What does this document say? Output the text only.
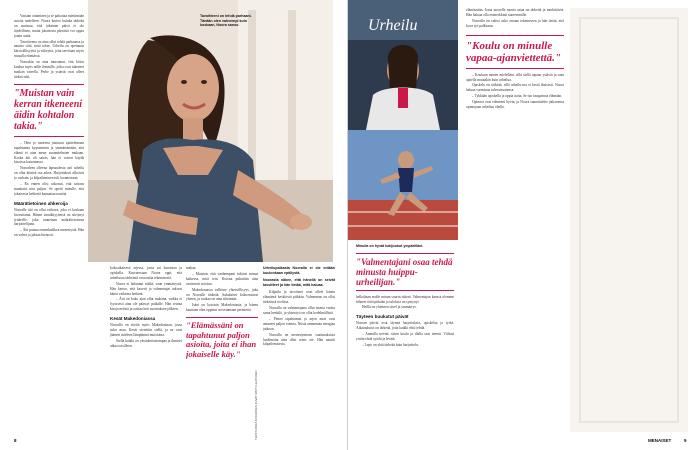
Vastaan ottaminen ja se pakottaa miettimään asioita uudelleen. Noora kertoo kuinka tärkeää on muistaa, että jokainen päivä ei ole täydellinen, mutta jokaisesta päivästä voi oppia jotain uutta.

Tavoitteena on aina ollut tehdä parhaansa ja nauttia siitä, mitä tekee. Urheilu on opettanut kärsivällisyyttä ja sitkeyttä, joita tarvitaan myös muualla elämässä.

Noorakin on aina muistanut, että kiitos kuuluu myös niille ihmisille, jotka ovat tukeneet matkan varrella. Perhe ja ystävät ovat olleet tärkeä tuki.

"Muistan vain kerran itkeneeni äidin kohtalon takia."

– Olen jo nuorena joutunut ajattelemaan tapahtumia kypsemmin ja ymmärtämään, että elämä ei aina mene suunnitelmien mukaan. Koska äiti oli sairas, hän ei voinut käydä kisoissa katsomassa.

Nooraleen olleena lapsuudesta asti urheilu on ollut kiinteä osa arkea. Harjoitukset alkoivat jo varhain, ja kilpaileminen tuli luonnostaan.

– En ennen olisi uskonut, että sairaus muuttaisi niin paljon. Se opetti minulle, että jokaisesta hetkestä kannattaa nauttia.

Määrätietoinen ahkeroija

Nooralle äiti on ollut esikuva, joka ei koskaan luovuttanut. Hänen sinnikkyytensä on siirtynyt tyttärelle, joka tunnetaan määrätietoisena harjoittelijana.

– Äiti painaa ennenkaikkea menestystä. Hän on vahva ja jaksaa hienosti.

Tavoitteeni on tehdä parhaani. Tänään olen vahvempi kuin koskaan, Noora sanoo.

kokoaikaisesti arjessa, jossa sai harrastaa ja opiskella. Kasvaessaan Noora oppi, että urheilussa tärkeintä on nauttia tekemisestä.

Noora ei halunnut sääliä, vaan ymmärrystä. Hän kertoo, että kaverit ja valmentajat tukivat häntä vaikeina hetkinä.

– Äiti on koko ajan ollut mukana, vaikka ei fyysisesti aina ole päässyt paikalle. Hän seuraa kisoja netistä ja soittaa heti suorituksen jälkeen.

Kesät Makedoniassa

Nooralla on siteitä myös Makedoniaan, jossa suku asuu. Kesät vietettiin siellä, ja ne ovat jääneet mieleen lämpiminä muistoina.

Siellä kaikki on yksinkertaisempaa ja ihmiset aikaa toisilleen.

makaa.

– Muistan, että vanhempani tukivat minua kaikessa, mitä tein. Kotona puhuttiin aina avoimesti asioista.

Makedoniassa vallitsee yhteisöllisyys, joka on Nooralle tärkeää. Sukulaiset kokoontuvat yhteen, ja ruokaa on aina riittämiin.

Isäni on kotoisin Makedoniasta, ja hänen kauttaan olen oppinut arvostamaan perinteitä.

"Elämässäni on tapahtunut paljon asioita, joita ei ihan jokaiselle käy."
Urheilupaikasta Nooralla ei ole mitään kuulonkaan epäilystä.
Noorasta näkee, että hänellä on selvät tavoitteet ja hän tietää, mitä haluaa.

Kilpailu ja tavoitteet ovat olleet hänen elämänsä keskiössä pitkään. Valmennus on ollut tärkeässä roolissa.

Nooralla on valmentajana ollut monta vuotta sama henkilö, ja yhteistyö on ollut hedelmällistä.

– Pienet tapahtumat ja arjen asiat ovat antaneet paljon voimia. Niistä ammentaa energiaa jatkoon.

Nooralla on menestymisen vaatimuksista huolimatta aina ollut rento ote. Hän nauttii kilpailemisesta.

TEKSTI ANNA KORHONEN KUVAT MATTI LEHTONEN
8
Urheilu
Minulla on hyvät tukijoukot ympärilläni.
"Valmentajani osaa tehdä minusta huippu-urheilijan."

helkaltaan mulle minun suurin tukeni. Valmentajan kanssa olemme tehneet töitä pitkään ja tuloksia on syntynyt.

Heillä on yhteinen sävel ja ymmärrys.

Täyteen buukatut päivät

Nooran päivät ovat täynnä harjoituksia, opiskelua ja työtä. Aikataulutus on tärkeää, jotta kaikki ehtii tehdä.

– Aamulla treenit, sitten koulu ja illalla taas treenit. Välissä yritän ehtiä syödä ja levätä.

– Lepo on yhtä tärkeää kuin harjoittelu.

elämässään. Jossa noorelle monta asiaa on tärkeitä ja merkittäviä. Hän haluaa olla esimerkkinä nuoremmille.

Nooralla on vahva usko omaan tekemiseen ja hän tietää, että kova työ palkitaan.

"Koulu on minulle vapaa-ajanviettettä."

– Kouluun menen mielelläni, sillä siellä tapaan ystäviä ja saan ajatella muutakin kuin urheilua.

Opiskelu on tärkeää, sillä urheilu-ura ei kestä ikuisesti. Noora haluaa varmistaa tulevaisuutensa.

– Tykkään opiskella ja oppia uutta. Se tuo tasapainoa elämään.

Opinnot ovat edenneet hyvin, ja Noora suunnittelee jatkavansa opintojaan urheilun ohella.

MENAISET	9
